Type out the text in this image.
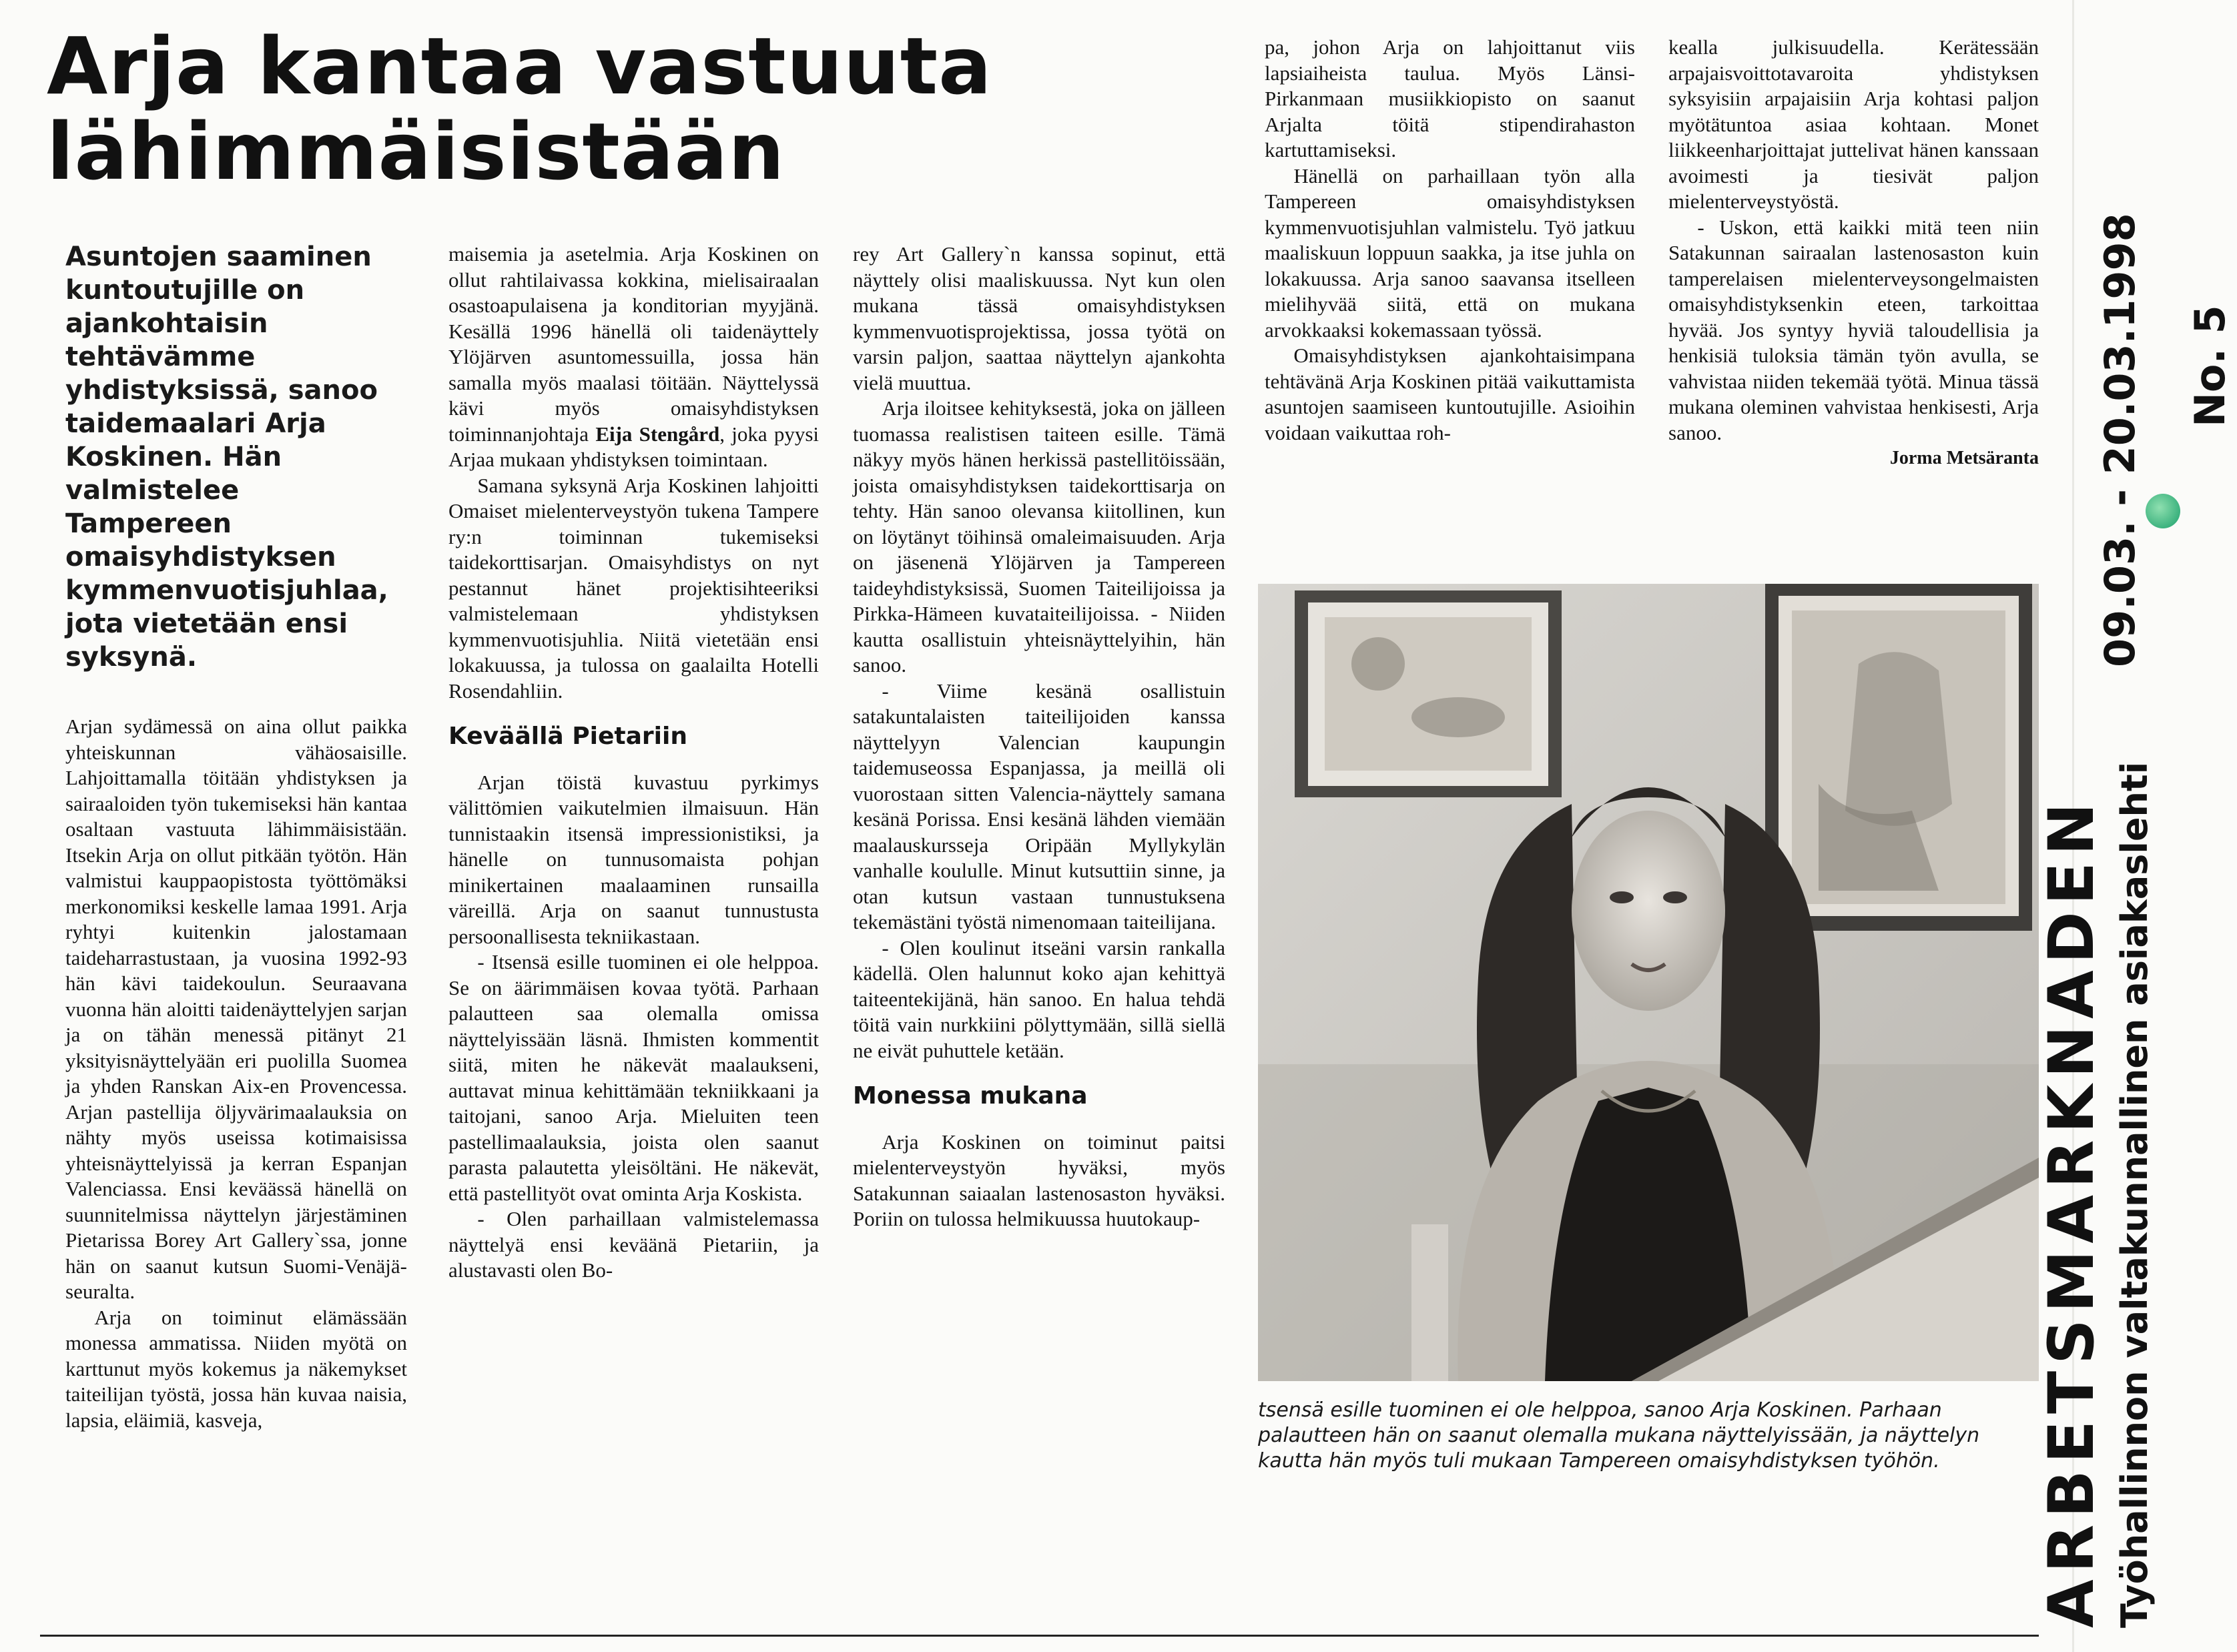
Arja kantaa vastuuta
lähimmäisistään
Asuntojen saaminen kuntoutujille on ajankohtaisin tehtävämme yhdistyksissä, sanoo taidemaalari Arja Koskinen. Hän valmistelee Tampereen omaisyhdistyksen kymmenvuotisjuhlaa, jota vietetään ensi syksynä.

Arjan sydämessä on aina ollut paikka yhteiskunnan vähäosaisille. Lahjoittamalla töitään yhdistyksen ja sairaaloiden työn tukemiseksi hän kantaa osaltaan vastuuta lähimmäisistään. Itsekin Arja on ollut pitkään työtön. Hän valmistui kauppaopistosta työttömäksi merkonomiksi keskelle lamaa 1991. Arja ryhtyi kuitenkin jalostamaan taideharrastustaan, ja vuosina 1992-93 hän kävi taidekoulun. Seuraavana vuonna hän aloitti taidenäyttelyjen sarjan ja on tähän menessä pitänyt 21 yksityisnäyttelyään eri puolilla Suomea ja yhden Ranskan Aix-en Provencessa. Arjan pastellija öljyvärimaalauksia on nähty myös useissa kotimaisissa yhteisnäyttelyissä ja kerran Espanjan Valenciassa. Ensi keväässä hänellä on suunnitelmissa näyttelyn järjestäminen Pietarissa Borey Art Gallery`ssa, jonne hän on saanut kutsun Suomi-Venäjä-seuralta.

Arja on toiminut elämässään monessa ammatissa. Niiden myötä on karttunut myös kokemus ja näkemykset taiteilijan työstä, jossa hän kuvaa naisia, lapsia, eläimiä, kasveja,

maisemia ja asetelmia. Arja Koskinen on ollut rahtilaivassa kokkina, mielisairaalan osastoapulaisena ja konditorian myyjänä. Kesällä 1996 hänellä oli taidenäyttely Ylöjärven asuntomessuilla, jossa hän samalla myös maalasi töitään. Näyttelyssä kävi myös omaisyhdistyksen toiminnanjohtaja Eija Stengård, joka pyysi Arjaa mukaan yhdistyksen toimintaan.

Samana syksynä Arja Koskinen lahjoitti Omaiset mielenterveystyön tukena Tampere ry:n toiminnan tukemiseksi taidekorttisarjan. Omaisyhdistys on nyt pestannut hänet projektisihteeriksi valmistelemaan yhdistyksen kymmenvuotisjuhlia. Niitä vietetään ensi lokakuussa, ja tulossa on gaalailta Hotelli Rosendahliin.

Keväällä Pietariin

Arjan töistä kuvastuu pyrkimys välittömien vaikutelmien ilmaisuun. Hän tunnistaakin itsensä impressionistiksi, ja hänelle on tunnusomaista pohjan minikertainen maalaaminen runsailla väreillä. Arja on saanut tunnustusta persoonallisesta tekniikastaan.

- Itsensä esille tuominen ei ole helppoa. Se on äärimmäisen kovaa työtä. Parhaan palautteen saa olemalla omissa näyttelyissään läsnä. Ihmisten kommentit siitä, miten he näkevät maalaukseni, auttavat minua kehittämään tekniikkaani ja taitojani, sanoo Arja. Mieluiten teen pastellimaalauksia, joista olen saanut parasta palautetta yleisöltäni. He näkevät, että pastellityöt ovat ominta Arja Koskista.

- Olen parhaillaan valmistelemassa näyttelyä ensi keväänä Pietariin, ja alustavasti olen Bo-

rey Art Gallery`n kanssa sopinut, että näyttely olisi maaliskuussa. Nyt kun olen mukana tässä omaisyhdistyksen kymmenvuotisprojektissa, jossa työtä on varsin paljon, saattaa näyttelyn ajankohta vielä muuttua.

Arja iloitsee kehityksestä, joka on jälleen tuomassa realistisen taiteen esille. Tämä näkyy myös hänen herkissä pastellitöissään, joista omaisyhdistyksen taidekorttisarja on tehty. Hän sanoo olevansa kiitollinen, kun on löytänyt töihinsä omaleimaisuuden. Arja on jäsenenä Ylöjärven ja Tampereen taideyhdistyksissä, Suomen Taiteilijoissa ja Pirkka-Hämeen kuvataiteilijoissa. - Niiden kautta osallistuin yhteisnäyttelyihin, hän sanoo.

- Viime kesänä osallistuin satakuntalaisten taiteilijoiden kanssa näyttelyyn Valencian kaupungin taidemuseossa Espanjassa, ja meillä oli vuorostaan sitten Valencia-näyttely samana kesänä Porissa. Ensi kesänä lähden viemään maalauskursseja Oripään Myllykylän vanhalle koululle. Minut kutsuttiin sinne, ja otan kutsun vastaan tunnustuksena tekemästäni työstä nimenomaan taiteilijana.

- Olen koulinut itseäni varsin rankalla kädellä. Olen halunnut koko ajan kehittyä taiteentekijänä, hän sanoo. En halua tehdä töitä vain nurkkiini pölyttymään, sillä siellä ne eivät puhuttele ketään.

Monessa mukana

Arja Koskinen on toiminut paitsi mielenterveystyön hyväksi, myös Satakunnan saiaalan lastenosaston hyväksi. Poriin on tulossa helmikuussa huutokaup-

pa, johon Arja on lahjoittanut viis lapsiaiheista taulua. Myös Länsi-Pirkanmaan musiikkiopisto on saanut Arjalta töitä stipendirahaston kartuttamiseksi.

Hänellä on parhaillaan työn alla Tampereen omaisyhdistyksen kymmenvuotisjuhlan valmistelu. Työ jatkuu maaliskuun loppuun saakka, ja itse juhla on lokakuussa. Arja sanoo saavansa itselleen mielihyvää siitä, että on mukana arvokkaaksi kokemassaan työssä.

Omaisyhdistyksen ajankohtaisimpana tehtävänä Arja Koskinen pitää vaikuttamista asuntojen saamiseen kuntoutujille. Asioihin voidaan vaikuttaa roh-

kealla julkisuudella. Kerätessään arpajaisvoittotavaroita yhdistyksen syksyisiin arpajaisiin Arja kohtasi paljon myötätuntoa asiaa kohtaan. Monet liikkeenharjoittajat juttelivat hänen kanssaan avoimesti ja tiesivät paljon mielenterveystyöstä.

- Uskon, että kaikki mitä teen niin Satakunnan sairaalan lastenosaston kuin tamperelaisen mielenterveysongelmaisten omaisyhdistyksenkin eteen, tarkoittaa hyvää. Jos syntyy hyviä taloudellisia ja henkisiä tuloksia tämän työn avulla, se vahvistaa niiden tekemää työtä. Minua tässä mukana oleminen vahvistaa henkisesti, Arja sanoo.

Jorma Metsäranta
tsensä esille tuominen ei ole helppoa, sanoo Arja Koskinen. Parhaan palautteen hän on saanut olemalla mukana näyttelyissään, ja näyttelyn kautta hän myös tuli mukaan Tampereen omaisyhdistyksen työhön.	ARBETSMARKNADEN Työhallinnon valtakunnallinen asiakaslehti
09.03. - 20.03.1998 No. 5
